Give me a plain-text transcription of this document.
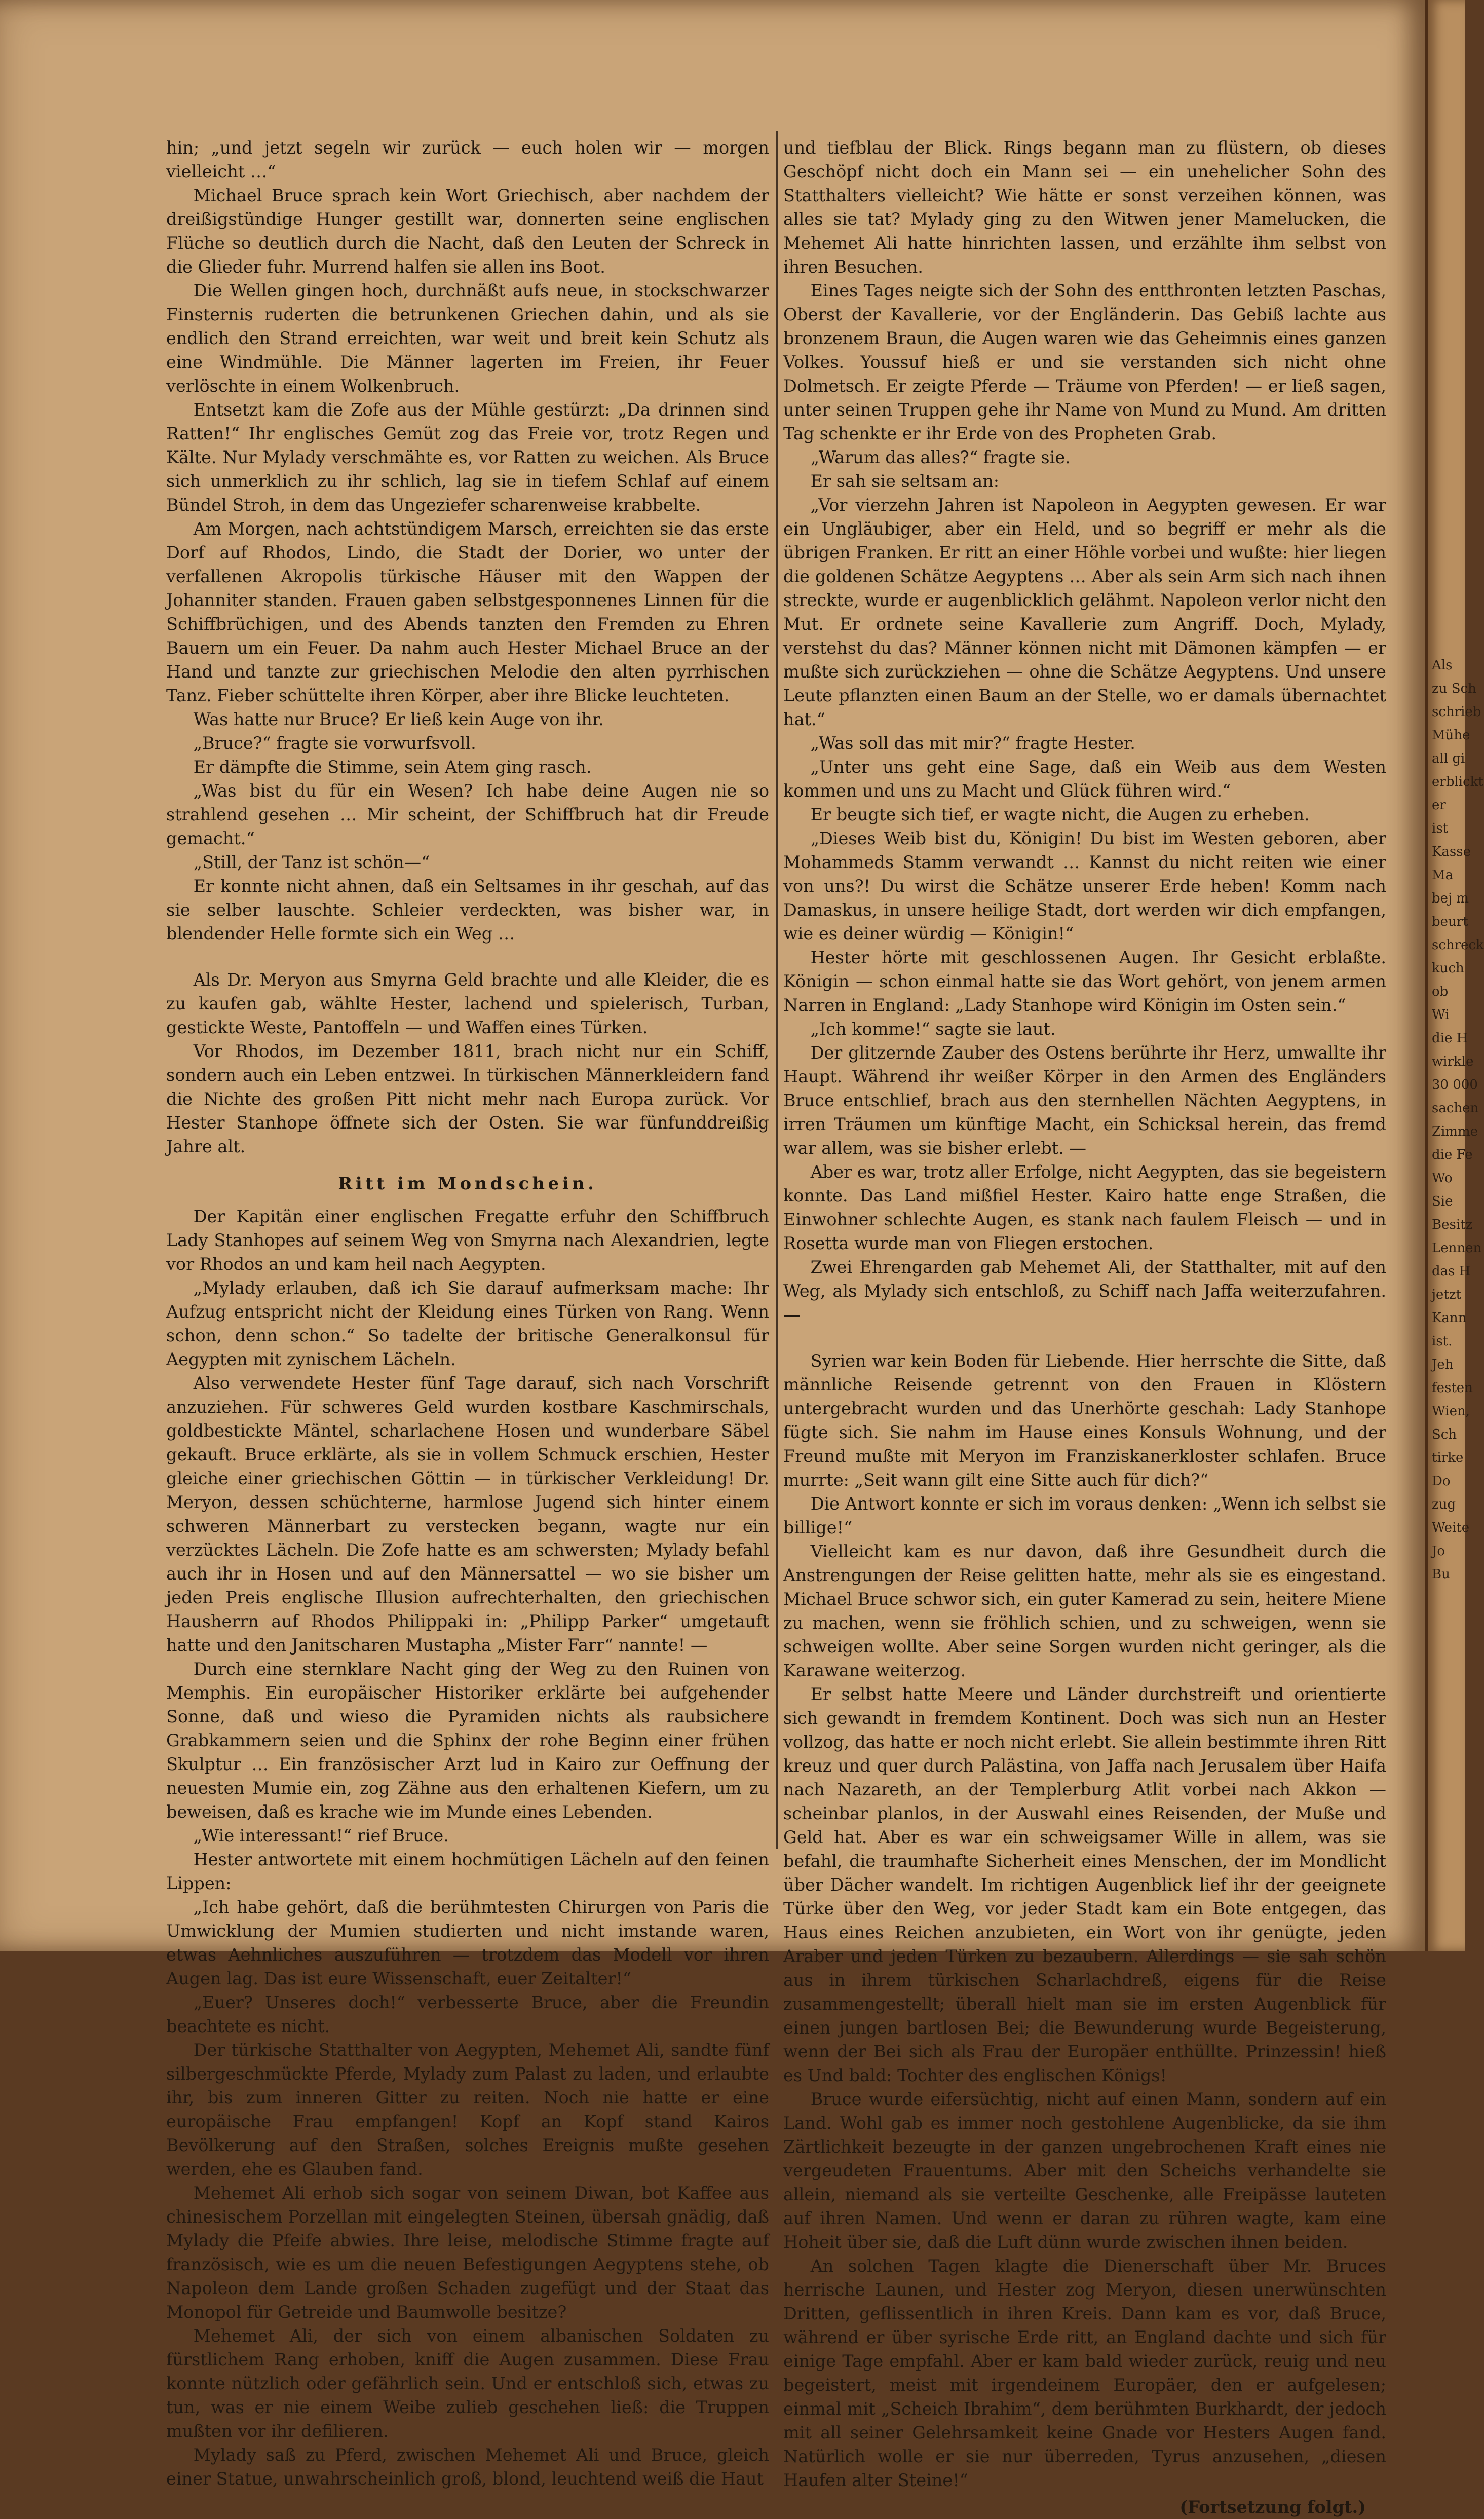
hin; „und jetzt segeln wir zurück — euch holen wir — morgen vielleicht …“

Michael Bruce sprach kein Wort Griechisch, aber nachdem der dreißigstündige Hunger gestillt war, donnerten seine englischen Flüche so deutlich durch die Nacht, daß den Leuten der Schreck in die Glieder fuhr. Murrend halfen sie allen ins Boot.

Die Wellen gingen hoch, durchnäßt aufs neue, in stockschwarzer Finsternis ruderten die betrunkenen Griechen dahin, und als sie endlich den Strand erreichten, war weit und breit kein Schutz als eine Windmühle. Die Männer lagerten im Freien, ihr Feuer verlöschte in einem Wolkenbruch.

Entsetzt kam die Zofe aus der Mühle gestürzt: „Da drinnen sind Ratten!“ Ihr englisches Gemüt zog das Freie vor, trotz Regen und Kälte. Nur Mylady verschmähte es, vor Ratten zu weichen. Als Bruce sich unmerklich zu ihr schlich, lag sie in tiefem Schlaf auf einem Bündel Stroh, in dem das Ungeziefer scharenweise krabbelte.

Am Morgen, nach achtstündigem Marsch, erreichten sie das erste Dorf auf Rhodos, Lindo, die Stadt der Dorier, wo unter der verfallenen Akropolis türkische Häuser mit den Wappen der Johanniter standen. Frauen gaben selbstgesponnenes Linnen für die Schiffbrüchigen, und des Abends tanzten den Fremden zu Ehren Bauern um ein Feuer. Da nahm auch Hester Michael Bruce an der Hand und tanzte zur griechischen Melodie den alten pyrrhischen Tanz. Fieber schüttelte ihren Körper, aber ihre Blicke leuchteten.

Was hatte nur Bruce? Er ließ kein Auge von ihr.

„Bruce?“ fragte sie vorwurfsvoll.

Er dämpfte die Stimme, sein Atem ging rasch.

„Was bist du für ein Wesen? Ich habe deine Augen nie so strahlend gesehen … Mir scheint, der Schiffbruch hat dir Freude gemacht.“

„Still, der Tanz ist schön—“

Er konnte nicht ahnen, daß ein Seltsames in ihr geschah, auf das sie selber lauschte. Schleier verdeckten, was bisher war, in blendender Helle formte sich ein Weg …

Als Dr. Meryon aus Smyrna Geld brachte und alle Kleider, die es zu kaufen gab, wählte Hester, lachend und spielerisch, Turban, gestickte Weste, Pantoffeln — und Waffen eines Türken.

Vor Rhodos, im Dezember 1811, brach nicht nur ein Schiff, sondern auch ein Leben entzwei. In türkischen Männerkleidern fand die Nichte des großen Pitt nicht mehr nach Europa zurück. Vor Hester Stanhope öffnete sich der Osten. Sie war fünfunddreißig Jahre alt.

Ritt im Mondschein.

Der Kapitän einer englischen Fregatte erfuhr den Schiffbruch Lady Stanhopes auf seinem Weg von Smyrna nach Alexandrien, legte vor Rhodos an und kam heil nach Aegypten.

„Mylady erlauben, daß ich Sie darauf aufmerksam mache: Ihr Aufzug entspricht nicht der Kleidung eines Türken von Rang. Wenn schon, denn schon.“ So tadelte der britische Generalkonsul für Aegypten mit zynischem Lächeln.

Also verwendete Hester fünf Tage darauf, sich nach Vorschrift anzuziehen. Für schweres Geld wurden kostbare Kaschmirschals, goldbestickte Mäntel, scharlachene Hosen und wunderbare Säbel gekauft. Bruce erklärte, als sie in vollem Schmuck erschien, Hester gleiche einer griechischen Göttin — in türkischer Verkleidung! Dr. Meryon, dessen schüchterne, harmlose Jugend sich hinter einem schweren Männerbart zu verstecken begann, wagte nur ein verzücktes Lächeln. Die Zofe hatte es am schwersten; Mylady befahl auch ihr in Hosen und auf den Männersattel — wo sie bisher um jeden Preis englische Illusion aufrechterhalten, den griechischen Hausherrn auf Rhodos Philippaki in: „Philipp Parker“ umgetauft hatte und den Janitscharen Mustapha „Mister Farr“ nannte! —

Durch eine sternklare Nacht ging der Weg zu den Ruinen von Memphis. Ein europäischer Historiker erklärte bei aufgehender Sonne, daß und wieso die Pyramiden nichts als raubsichere Grabkammern seien und die Sphinx der rohe Beginn einer frühen Skulptur … Ein französischer Arzt lud in Kairo zur Oeffnung der neuesten Mumie ein, zog Zähne aus den erhaltenen Kiefern, um zu beweisen, daß es krache wie im Munde eines Lebenden.

„Wie interessant!“ rief Bruce.

Hester antwortete mit einem hochmütigen Lächeln auf den feinen Lippen:

„Ich habe gehört, daß die berühmtesten Chirurgen von Paris die Umwicklung der Mumien studierten und nicht imstande waren, etwas Aehnliches auszuführen — trotzdem das Modell vor ihren Augen lag. Das ist eure Wissenschaft, euer Zeitalter!“

„Euer? Unseres doch!“ verbesserte Bruce, aber die Freundin beachtete es nicht.

Der türkische Statthalter von Aegypten, Mehemet Ali, sandte fünf silbergeschmückte Pferde, Mylady zum Palast zu laden, und erlaubte ihr, bis zum inneren Gitter zu reiten. Noch nie hatte er eine europäische Frau empfangen! Kopf an Kopf stand Kairos Bevölkerung auf den Straßen, solches Ereignis mußte gesehen werden, ehe es Glauben fand.

Mehemet Ali erhob sich sogar von seinem Diwan, bot Kaffee aus chinesischem Porzellan mit eingelegten Steinen, übersah gnädig, daß Mylady die Pfeife abwies. Ihre leise, melodische Stimme fragte auf französisch, wie es um die neuen Befestigungen Aegyptens stehe, ob Napoleon dem Lande großen Schaden zugefügt und der Staat das Monopol für Getreide und Baumwolle besitze?

Mehemet Ali, der sich von einem albanischen Soldaten zu fürstlichem Rang erhoben, kniff die Augen zusammen. Diese Frau konnte nützlich oder gefährlich sein. Und er entschloß sich, etwas zu tun, was er nie einem Weibe zulieb geschehen ließ: die Truppen mußten vor ihr defilieren.

Mylady saß zu Pferd, zwischen Mehemet Ali und Bruce, gleich einer Statue, unwahrscheinlich groß, blond, leuchtend weiß die Haut

und tiefblau der Blick. Rings begann man zu flüstern, ob dieses Geschöpf nicht doch ein Mann sei — ein unehelicher Sohn des Statthalters vielleicht? Wie hätte er sonst verzeihen können, was alles sie tat? Mylady ging zu den Witwen jener Mamelucken, die Mehemet Ali hatte hinrichten lassen, und erzählte ihm selbst von ihren Besuchen.

Eines Tages neigte sich der Sohn des entthronten letzten Paschas, Oberst der Kavallerie, vor der Engländerin. Das Gebiß lachte aus bronzenem Braun, die Augen waren wie das Geheimnis eines ganzen Volkes. Youssuf hieß er und sie verstanden sich nicht ohne Dolmetsch. Er zeigte Pferde — Träume von Pferden! — er ließ sagen, unter seinen Truppen gehe ihr Name von Mund zu Mund. Am dritten Tag schenkte er ihr Erde von des Propheten Grab.

„Warum das alles?“ fragte sie.

Er sah sie seltsam an:

„Vor vierzehn Jahren ist Napoleon in Aegypten gewesen. Er war ein Ungläubiger, aber ein Held, und so begriff er mehr als die übrigen Franken. Er ritt an einer Höhle vorbei und wußte: hier liegen die goldenen Schätze Aegyptens … Aber als sein Arm sich nach ihnen streckte, wurde er augenblicklich gelähmt. Napoleon verlor nicht den Mut. Er ordnete seine Kavallerie zum Angriff. Doch, Mylady, verstehst du das? Männer können nicht mit Dämonen kämpfen — er mußte sich zurückziehen — ohne die Schätze Aegyptens. Und unsere Leute pflanzten einen Baum an der Stelle, wo er damals übernachtet hat.“

„Was soll das mit mir?“ fragte Hester.

„Unter uns geht eine Sage, daß ein Weib aus dem Westen kommen und uns zu Macht und Glück führen wird.“

Er beugte sich tief, er wagte nicht, die Augen zu erheben.

„Dieses Weib bist du, Königin! Du bist im Westen geboren, aber Mohammeds Stamm verwandt … Kannst du nicht reiten wie einer von uns?! Du wirst die Schätze unserer Erde heben! Komm nach Damaskus, in unsere heilige Stadt, dort werden wir dich empfangen, wie es deiner würdig — Königin!“

Hester hörte mit geschlossenen Augen. Ihr Gesicht erblaßte. Königin — schon einmal hatte sie das Wort gehört, von jenem armen Narren in England: „Lady Stanhope wird Königin im Osten sein.“

„Ich komme!“ sagte sie laut.

Der glitzernde Zauber des Ostens berührte ihr Herz, umwallte ihr Haupt. Während ihr weißer Körper in den Armen des Engländers Bruce entschlief, brach aus den sternhellen Nächten Aegyptens, in irren Träumen um künftige Macht, ein Schicksal herein, das fremd war allem, was sie bisher erlebt. —

Aber es war, trotz aller Erfolge, nicht Aegypten, das sie begeistern konnte. Das Land mißfiel Hester. Kairo hatte enge Straßen, die Einwohner schlechte Augen, es stank nach faulem Fleisch — und in Rosetta wurde man von Fliegen erstochen.

Zwei Ehrengarden gab Mehemet Ali, der Statthalter, mit auf den Weg, als Mylady sich entschloß, zu Schiff nach Jaffa weiterzufahren. —

Syrien war kein Boden für Liebende. Hier herrschte die Sitte, daß männliche Reisende getrennt von den Frauen in Klöstern untergebracht wurden und das Unerhörte geschah: Lady Stanhope fügte sich. Sie nahm im Hause eines Konsuls Wohnung, und der Freund mußte mit Meryon im Franziskanerkloster schlafen. Bruce murrte: „Seit wann gilt eine Sitte auch für dich?“

Die Antwort konnte er sich im voraus denken: „Wenn ich selbst sie billige!“

Vielleicht kam es nur davon, daß ihre Gesundheit durch die Anstrengungen der Reise gelitten hatte, mehr als sie es eingestand. Michael Bruce schwor sich, ein guter Kamerad zu sein, heitere Miene zu machen, wenn sie fröhlich schien, und zu schweigen, wenn sie schweigen wollte. Aber seine Sorgen wurden nicht geringer, als die Karawane weiterzog.

Er selbst hatte Meere und Länder durchstreift und orientierte sich gewandt in fremdem Kontinent. Doch was sich nun an Hester vollzog, das hatte er noch nicht erlebt. Sie allein bestimmte ihren Ritt kreuz und quer durch Palästina, von Jaffa nach Jerusalem über Haifa nach Nazareth, an der Templerburg Atlit vorbei nach Akkon — scheinbar planlos, in der Auswahl eines Reisenden, der Muße und Geld hat. Aber es war ein schweigsamer Wille in allem, was sie befahl, die traumhafte Sicherheit eines Menschen, der im Mondlicht über Dächer wandelt. Im richtigen Augenblick lief ihr der geeignete Türke über den Weg, vor jeder Stadt kam ein Bote entgegen, das Haus eines Reichen anzubieten, ein Wort von ihr genügte, jeden Araber und jeden Türken zu bezaubern. Allerdings — sie sah schön aus in ihrem türkischen Scharlachdreß, eigens für die Reise zusammengestellt; überall hielt man sie im ersten Augenblick für einen jungen bartlosen Bei; die Bewunderung wurde Begeisterung, wenn der Bei sich als Frau der Europäer enthüllte. Prinzessin! hieß es Und bald: Tochter des englischen Königs!

Bruce wurde eifersüchtig, nicht auf einen Mann, sondern auf ein Land. Wohl gab es immer noch gestohlene Augenblicke, da sie ihm Zärtlichkeit bezeugte in der ganzen ungebrochenen Kraft eines nie vergeudeten Frauentums. Aber mit den Scheichs verhandelte sie allein, niemand als sie verteilte Geschenke, alle Freipässe lauteten auf ihren Namen. Und wenn er daran zu rühren wagte, kam eine Hoheit über sie, daß die Luft dünn wurde zwischen ihnen beiden.

An solchen Tagen klagte die Dienerschaft über Mr. Bruces herrische Launen, und Hester zog Meryon, diesen unerwünschten Dritten, geflissentlich in ihren Kreis. Dann kam es vor, daß Bruce, während er über syrische Erde ritt, an England dachte und sich für einige Tage empfahl. Aber er kam bald wieder zurück, reuig und neu begeistert, meist mit irgendeinem Europäer, den er aufgelesen; einmal mit „Scheich Ibrahim“, dem berühmten Burkhardt, der jedoch mit all seiner Gelehrsamkeit keine Gnade vor Hesters Augen fand. Natürlich wolle er sie nur überreden, Tyrus anzusehen, „diesen Haufen alter Steine!“

(Fortsetzung folgt.)

Als
zu Sch
schrieb
Mühe
all gi
erblickt
er
ist
Kasse
Ma
bej m
beurt
schreck
kuch
ob
Wi
die H
wirkle
30 000
sachen
Zimme
die Fe
Wo
Sie
Besitz
Lennen
das H
jetzt
Kann
ist.
Jeh
festen
Wien,
Sch
tirke
Do
zug
Weite
Jo
Bu
